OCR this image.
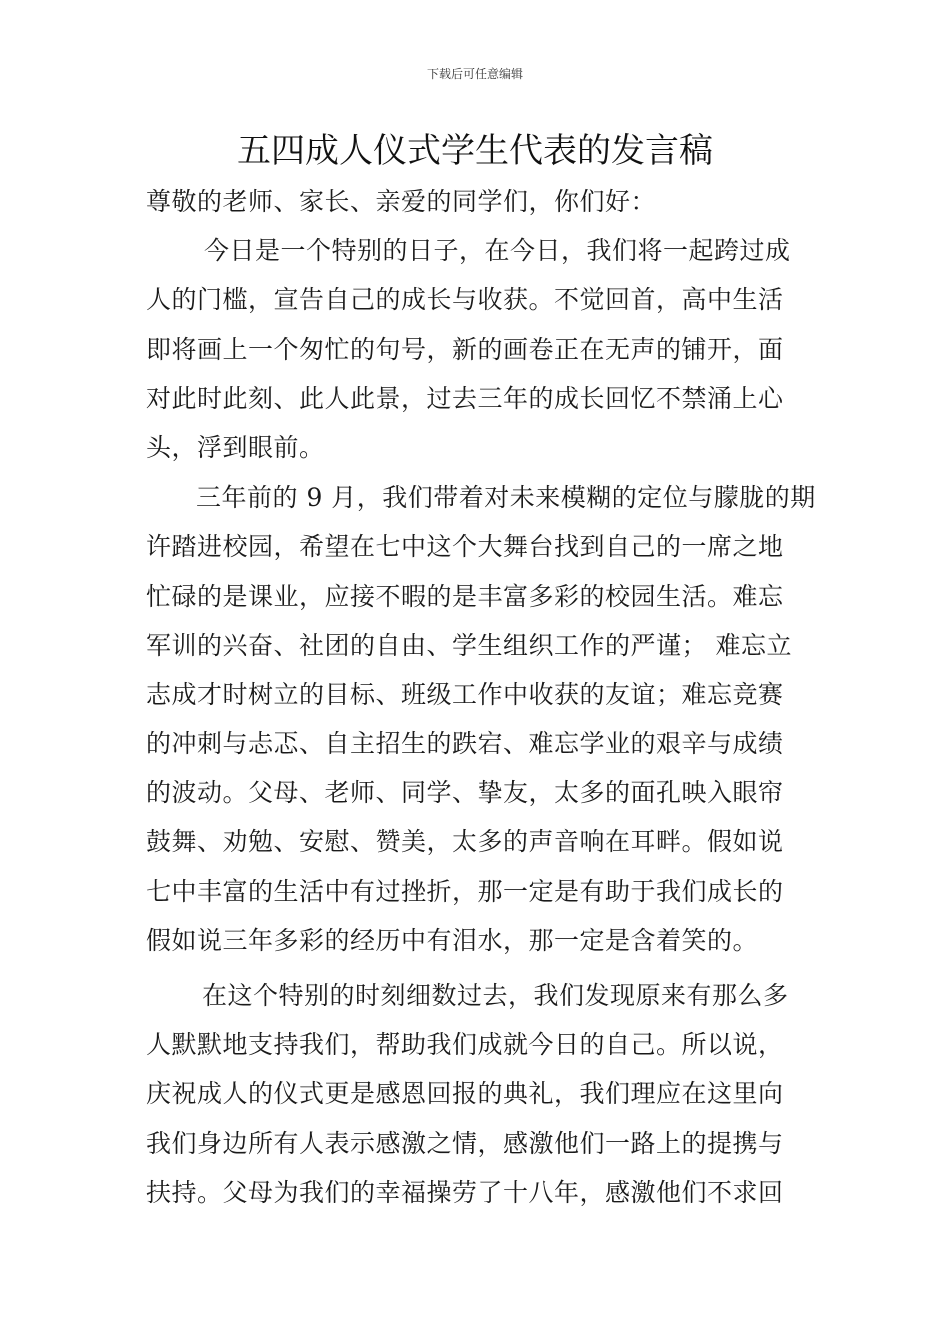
下载后可任意编辑
五四成人仪式学生代表的发言稿
尊敬的老师、家长、亲爱的同学们，你们好：
今日是一个特别的日子，在今日，我们将一起跨过成
人的门槛，宣告自己的成长与收获。不觉回首，高中生活
即将画上一个匆忙的句号，新的画卷正在无声的铺开，面
对此时此刻、此人此景，过去三年的成长回忆不禁涌上心
头，浮到眼前。
三年前的 9 月，我们带着对未来模糊的定位与朦胧的期
许踏进校园，希望在七中这个大舞台找到自己的一席之地
忙碌的是课业，应接不暇的是丰富多彩的校园生活。难忘
军训的兴奋、社团的自由、学生组织工作的严谨； 难忘立
志成才时树立的目标、班级工作中收获的友谊；难忘竞赛
的冲刺与忐忑、自主招生的跌宕、难忘学业的艰辛与成绩
的波动。父母、老师、同学、挚友，太多的面孔映入眼帘
鼓舞、劝勉、安慰、赞美，太多的声音响在耳畔。假如说
七中丰富的生活中有过挫折，那一定是有助于我们成长的
假如说三年多彩的经历中有泪水，那一定是含着笑的。
在这个特别的时刻细数过去，我们发现原来有那么多
人默默地支持我们，帮助我们成就今日的自己。所以说，
庆祝成人的仪式更是感恩回报的典礼，我们理应在这里向
我们身边所有人表示感激之情，感激他们一路上的提携与
扶持。父母为我们的幸福操劳了十八年，感激他们不求回
